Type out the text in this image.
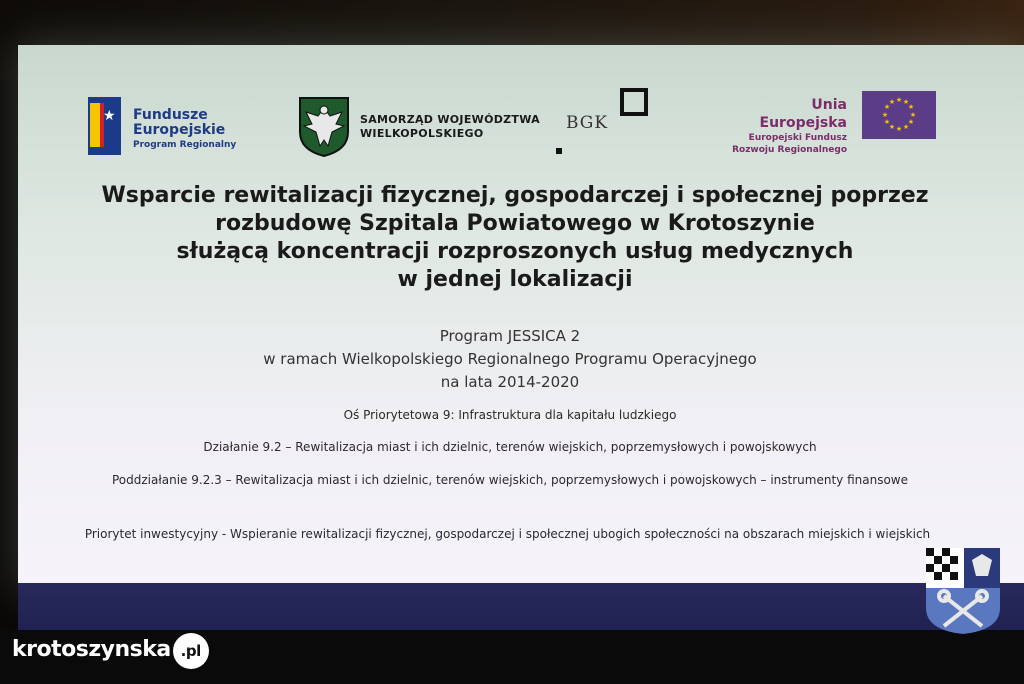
★ Fundusze
Europejskie
Program Regionalny
SAMORZĄD WOJEWÓDZTWA
WIELKOPOLSKIEGO
BGK
Unia Europejska
Europejski Fundusz
Rozwoju Regionalnego
★ ★
★
★
★
★
★
★
★
★
★
★
Wsparcie rewitalizacji fizycznej, gospodarczej i społecznej poprzez
rozbudowę Szpitala Powiatowego w Krotoszynie
służącą koncentracji rozproszonych usług medycznych
w jednej lokalizacji
Program JESSICA 2
w ramach Wielkopolskiego Regionalnego Programu Operacyjnego
na lata 2014-2020
Oś Priorytetowa 9: Infrastruktura dla kapitału ludzkiego
Działanie 9.2 – Rewitalizacja miast i ich dzielnic, terenów wiejskich, poprzemysłowych i powojskowych
Poddziałanie 9.2.3 – Rewitalizacja miast i ich dzielnic, terenów wiejskich, poprzemysłowych i powojskowych – instrumenty finansowe
Priorytet inwestycyjny - Wspieranie rewitalizacji fizycznej, gospodarczej i społecznej ubogich społeczności na obszarach miejskich i wiejskich
krotoszynska .pl
